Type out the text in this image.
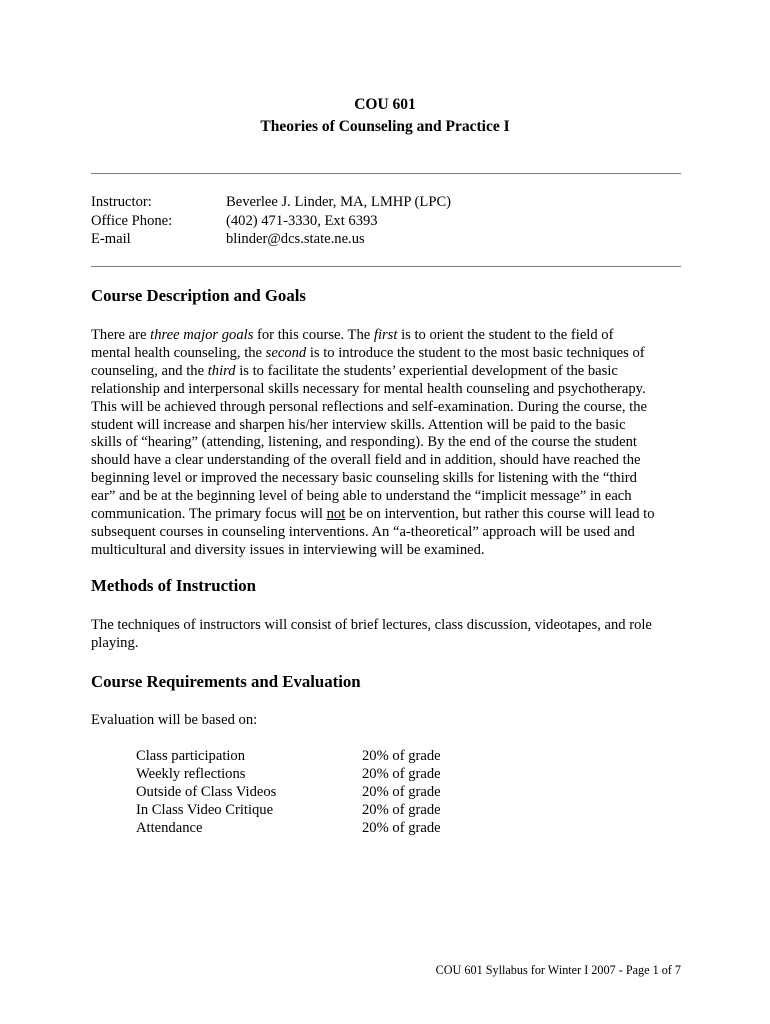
COU 601
Theories of Counseling and Practice I
Instructor:	Beverlee J. Linder, MA, LMHP (LPC)
Office Phone:	(402) 471-3330, Ext 6393
E-mail	blinder@dcs.state.ne.us
Course Description and Goals
There are three major goals for this course. The first is to orient the student to the field of
mental health counseling, the second is to introduce the student to the most basic techniques of
counseling, and the third is to facilitate the students’ experiential development of the basic
relationship and interpersonal skills necessary for mental health counseling and psychotherapy.
This will be achieved through personal reflections and self-examination. During the course, the
student will increase and sharpen his/her interview skills. Attention will be paid to the basic
skills of “hearing” (attending, listening, and responding). By the end of the course the student
should have a clear understanding of the overall field and in addition, should have reached the
beginning level or improved the necessary basic counseling skills for listening with the “third
ear” and be at the beginning level of being able to understand the “implicit message” in each
communication. The primary focus will not be on intervention, but rather this course will lead to
subsequent courses in counseling interventions. An “a-theoretical” approach will be used and
multicultural and diversity issues in interviewing will be examined.
Methods of Instruction
The techniques of instructors will consist of brief lectures, class discussion, videotapes, and role
playing.
Course Requirements and Evaluation
Evaluation will be based on:
Class participation	20% of grade
Weekly reflections	20% of grade
Outside of Class Videos	20% of grade
In Class Video Critique	20% of grade
Attendance	20% of grade
COU 601 Syllabus for Winter I 2007 - Page 1 of 7
